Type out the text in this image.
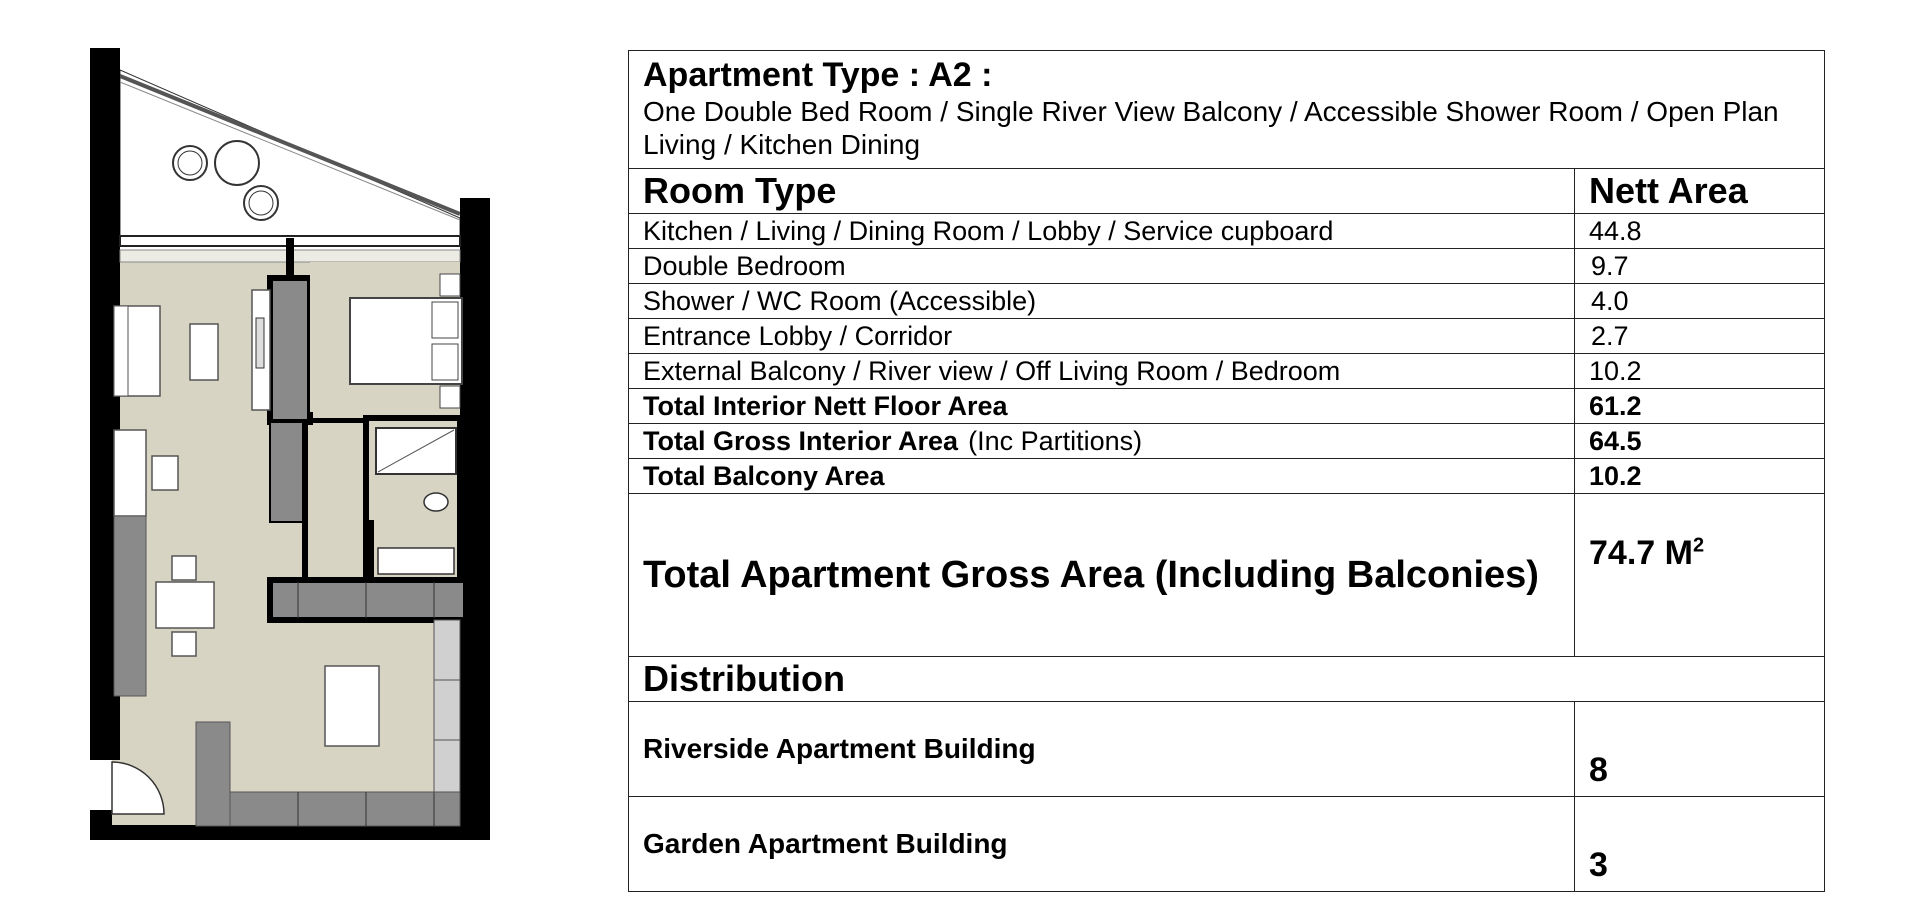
Apartment Type : A2 :
One Double Bed Room / Single River View Balcony / Accessible Shower Room / Open Plan Living / Kitchen Dining	

Room Type	Nett Area
Kitchen / Living / Dining Room / Lobby / Service cupboard	44.8
Double Bedroom	9.7
Shower / WC Room (Accessible)	4.0
Entrance Lobby / Corridor	2.7
External Balcony / River view / Off Living Room / Bedroom	10.2
Total Interior Nett Floor Area	61.2
Total Gross Interior Area (Inc Partitions)	64.5
Total Balcony Area	10.2
Total Apartment Gross Area (Including Balconies)	74.7 $M^2$
Distribution	
Riverside Apartment Building	8
Garden Apartment Building	3
